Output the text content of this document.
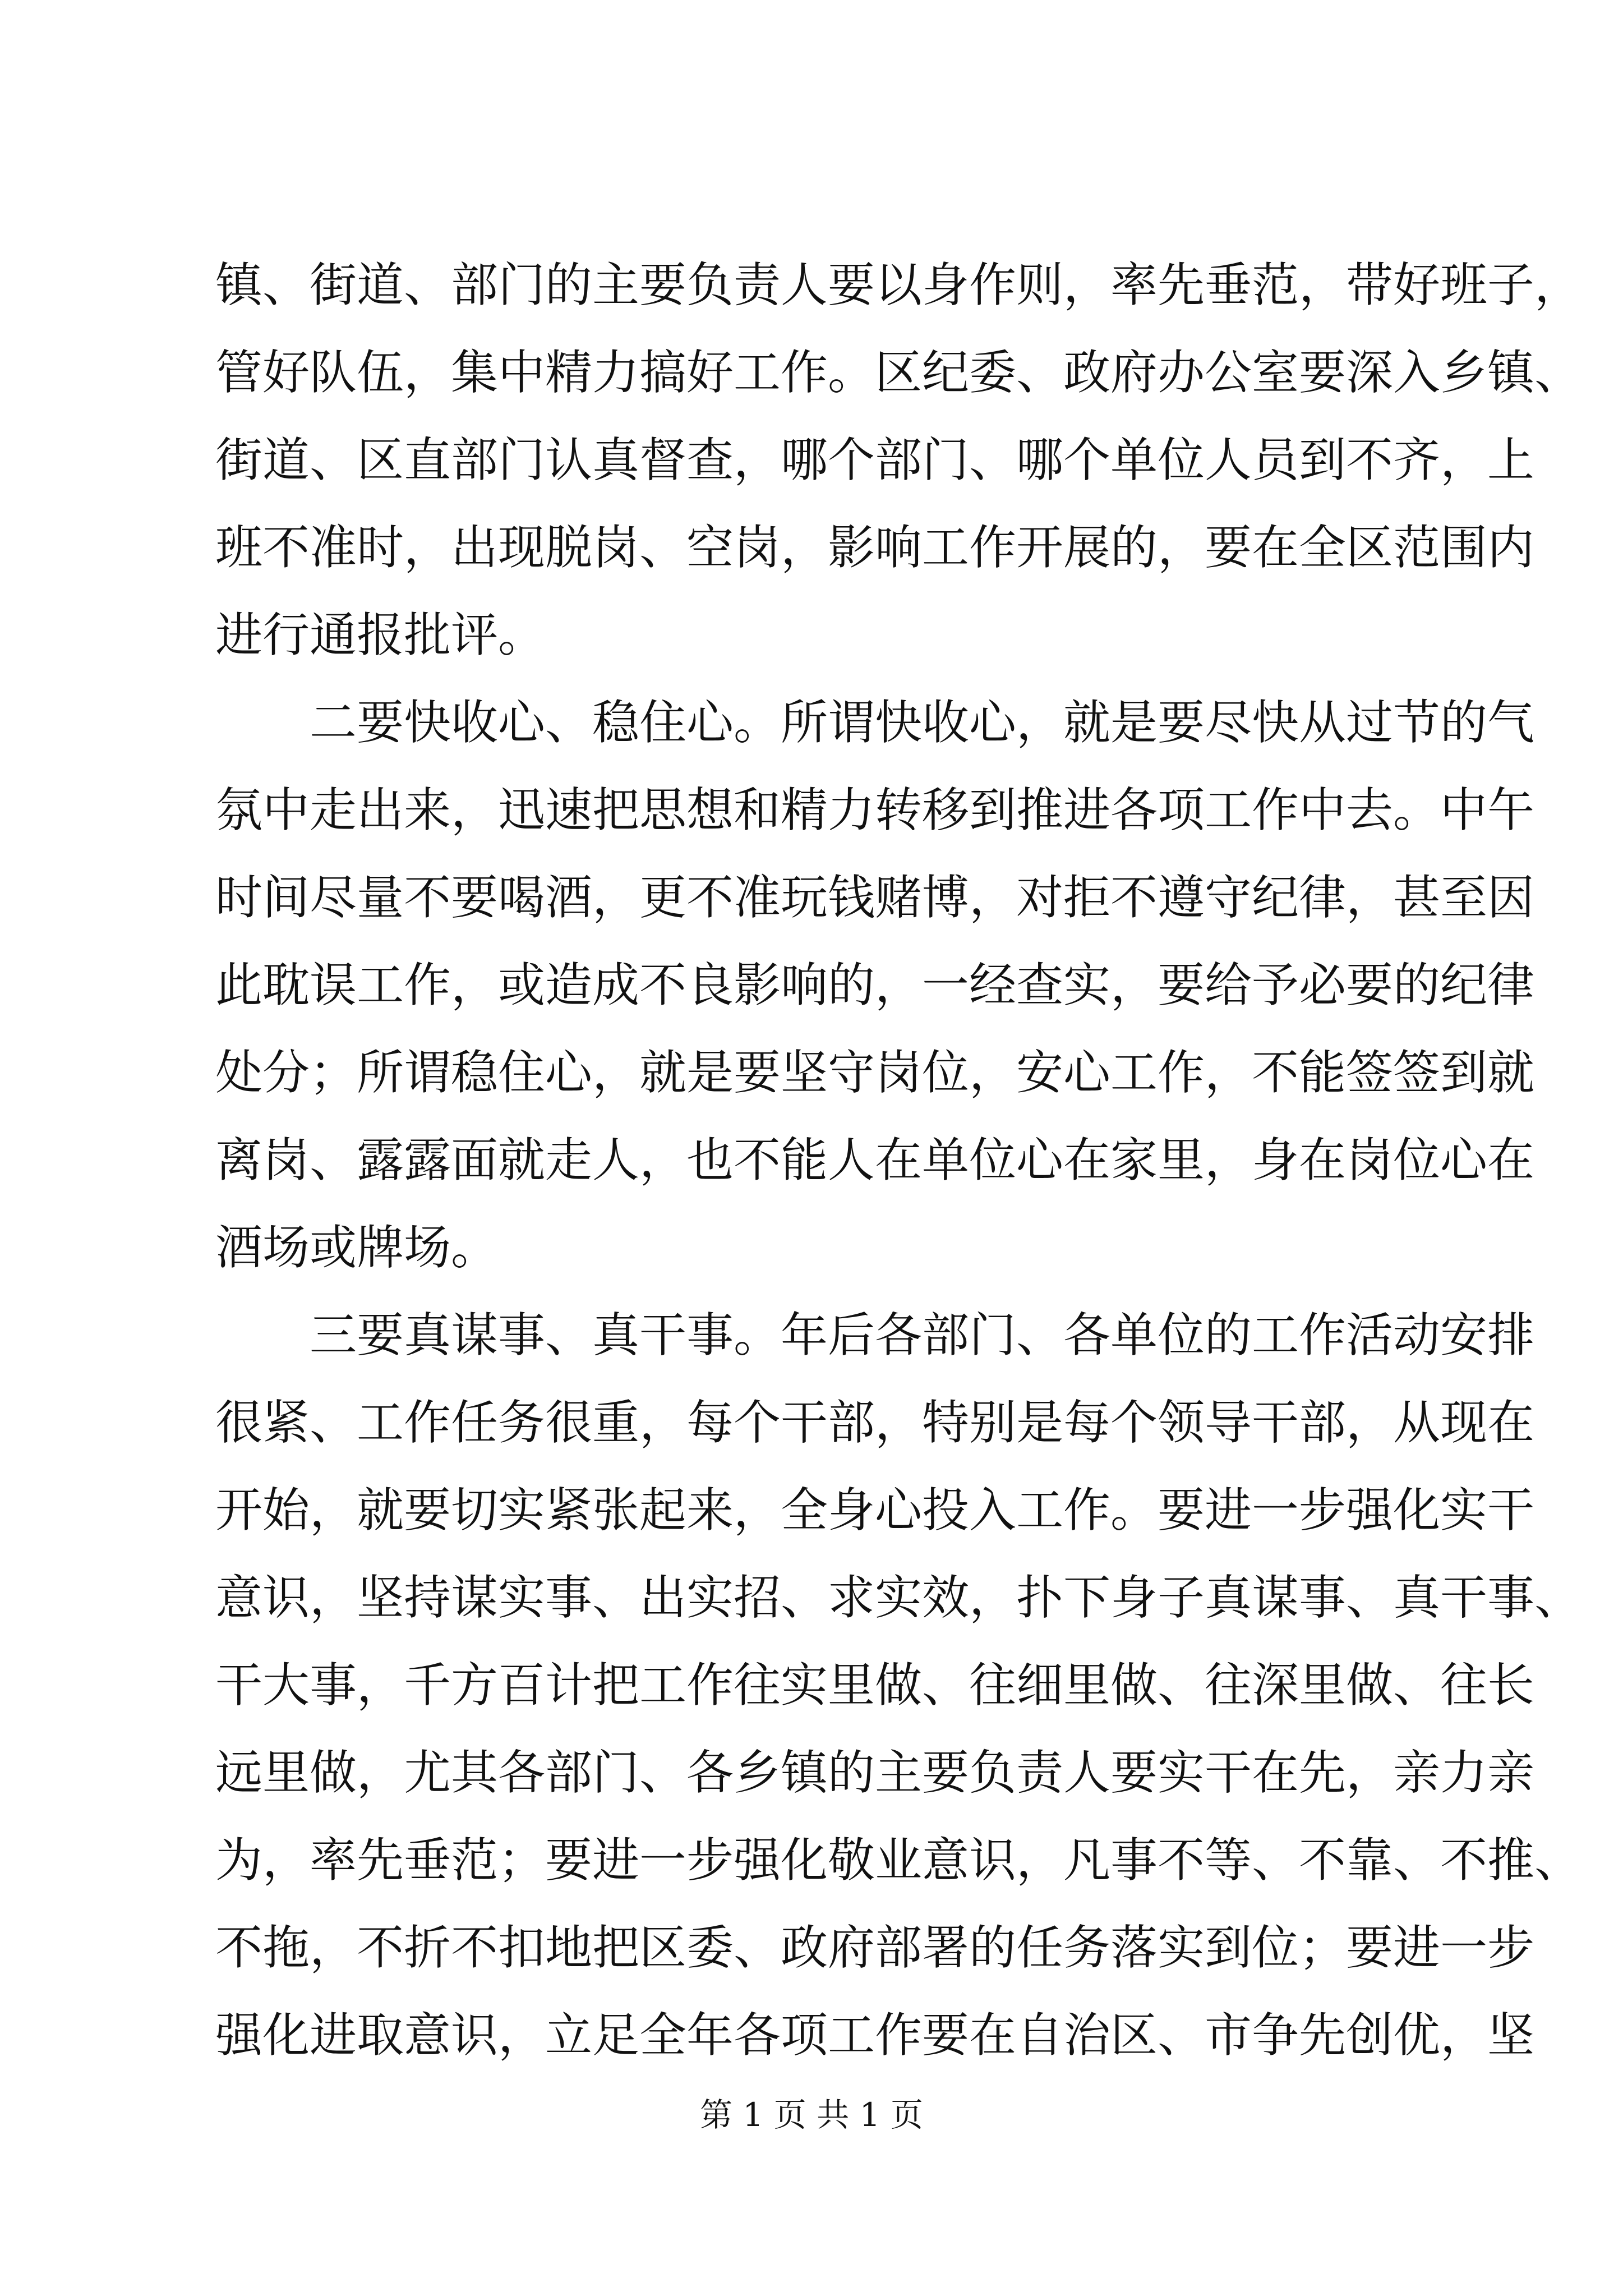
镇、街道、部门的主要负责人要以身作则，率先垂范，带好班子，
管好队伍，集中精力搞好工作。区纪委、政府办公室要深入乡镇、
街道、区直部门认真督查，哪个部门、哪个单位人员到不齐，上
班不准时，出现脱岗、空岗，影响工作开展的，要在全区范围内
进行通报批评。
二要快收心、稳住心。所谓快收心，就是要尽快从过节的气
氛中走出来，迅速把思想和精力转移到推进各项工作中去。中午
时间尽量不要喝酒，更不准玩钱赌博，对拒不遵守纪律，甚至因
此耽误工作，或造成不良影响的，一经查实，要给予必要的纪律
处分；所谓稳住心，就是要坚守岗位，安心工作，不能签签到就
离岗、露露面就走人，也不能人在单位心在家里，身在岗位心在
酒场或牌场。
三要真谋事、真干事。年后各部门、各单位的工作活动安排
很紧、工作任务很重，每个干部，特别是每个领导干部，从现在
开始，就要切实紧张起来，全身心投入工作。要进一步强化实干
意识，坚持谋实事、出实招、求实效，扑下身子真谋事、真干事、
干大事，千方百计把工作往实里做、往细里做、往深里做、往长
远里做，尤其各部门、各乡镇的主要负责人要实干在先，亲力亲
为，率先垂范；要进一步强化敬业意识，凡事不等、不靠、不推、
不拖，不折不扣地把区委、政府部署的任务落实到位；要进一步
强化进取意识，立足全年各项工作要在自治区、市争先创优，坚
第 1 页 共 1 页
